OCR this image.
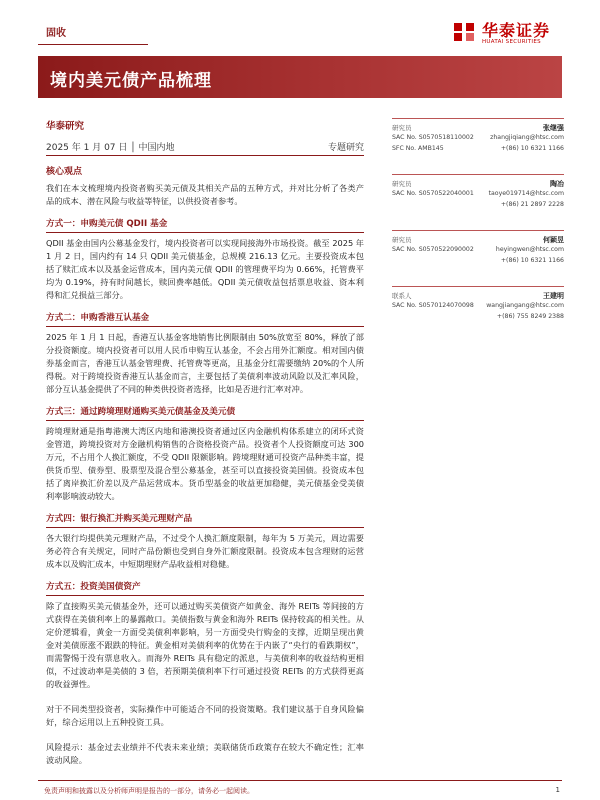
固收	华泰证券
HUATAI SECURITIES
境内美元债产品梳理
华泰研究
2025 年 1 月 07 日 │ 中国内地	专题研究
核心观点
我们在本文梳理境内投资者购买美元债及其相关产品的五种方式，并对比分析了各类产品的成本、潜在风险与收益等特征，以供投资者参考。
方式一：申购美元债 QDII 基金
QDII 基金由国内公募基金发行，境内投资者可以实现间接海外市场投资。截至 2025 年 1 月 2 日，国内约有 14 只 QDII 美元债基金，总规模 216.13 亿元。主要投资成本包括了赎汇成本以及基金运营成本，国内美元债 QDII 的管理费平均为 0.66%，托管费平均为 0.19%，持有时间越长，赎回费率越低。QDII 美元债收益包括票息收益、资本利得和汇兑损益三部分。
方式二：申购香港互认基金
2025 年 1 月 1 日起，香港互认基金客地销售比例限制由 50%放宽至 80%，释放了部分投资额度。境内投资者可以用人民币申购互认基金，不会占用外汇额度。相对国内债券基金而言，香港互认基金管理费、托管费等更高，且基金分红需要缴纳 20%的个人所得税。对于跨境投资香港互认基金而言，主要包括了美债利率波动风险以及汇率风险，部分互认基金提供了不同的种类供投资者选择，比如是否进行汇率对冲。
方式三：通过跨境理财通购买美元债基金及美元债
跨境理财通是指粤港澳大湾区内地和港澳投资者通过区内金融机构体系建立的闭环式资金管道，跨境投资对方金融机构销售的合资格投资产品。投资者个人投资额度可达 300 万元，不占用个人换汇额度，不受 QDII 限额影响。跨境理财通可投资产品种类丰富，提供货币型、债券型、股票型及混合型公募基金，甚至可以直接投资美国债。投资成本包括了离岸换汇价差以及产品运营成本。货币型基金的收益更加稳健，美元债基金受美债利率影响波动较大。
方式四：银行换汇并购买美元理财产品
各大银行均提供美元理财产品，不过受个人换汇额度限制，每年为 5 万美元，周边需要务必符合有关规定，同时产品份额也受到自身外汇额度限制。投资成本包含理财的运营成本以及购汇成本，中短期理财产品收益相对稳健。
方式五：投资美国债资产
除了直接购买美元债基金外，还可以通过购买美债资产如黄金、海外 REITs 等间接的方式获得在美债利率上的暴露敞口。美债指数与黄金和海外 REITs 保持较高的相关性。从定价逻辑看，黄金一方面受美债利率影响，另一方面受央行购金的支撑，近期呈现出黄金对美债原涨不跟跌的特征。黄金相对美债利率的优势在于内嵌了“央行的看跌期权”，而需警惕于没有票息收入。而海外 REITs 具有稳定的派息，与美债利率的收益结构更相似，不过波动率是美债的 3 倍，若预期美债利率下行可通过投资 REITs 的方式获得更高的收益弹性。
对于不同类型投资者，实际操作中可能适合不同的投资策略。我们建议基于自身风险偏好，综合运用以上五种投资工具。
风险提示：基金过去业绩并不代表未来业绩；美联储货币政策存在较大不确定性；汇率波动风险。
研究员	张继强
SAC No. S0570518110002	zhangjiqiang@htsc.com
SFC No. AMB145	+(86) 10 6321 1166
研究员	陶冶
SAC No. S0570522040001 taoye019714@htsc.com
+(86) 21 2897 2228
研究员	何颖昱
SAC No. S0570522090002	heyingwen@htsc.com
+(86) 10 6321 1166
联系人	王建明
SAC No. S0570124070098 wangjiangang@htsc.com
+(86) 755 8249 2388
免责声明和披露以及分析师声明是报告的一部分，请务必一起阅读。	1
